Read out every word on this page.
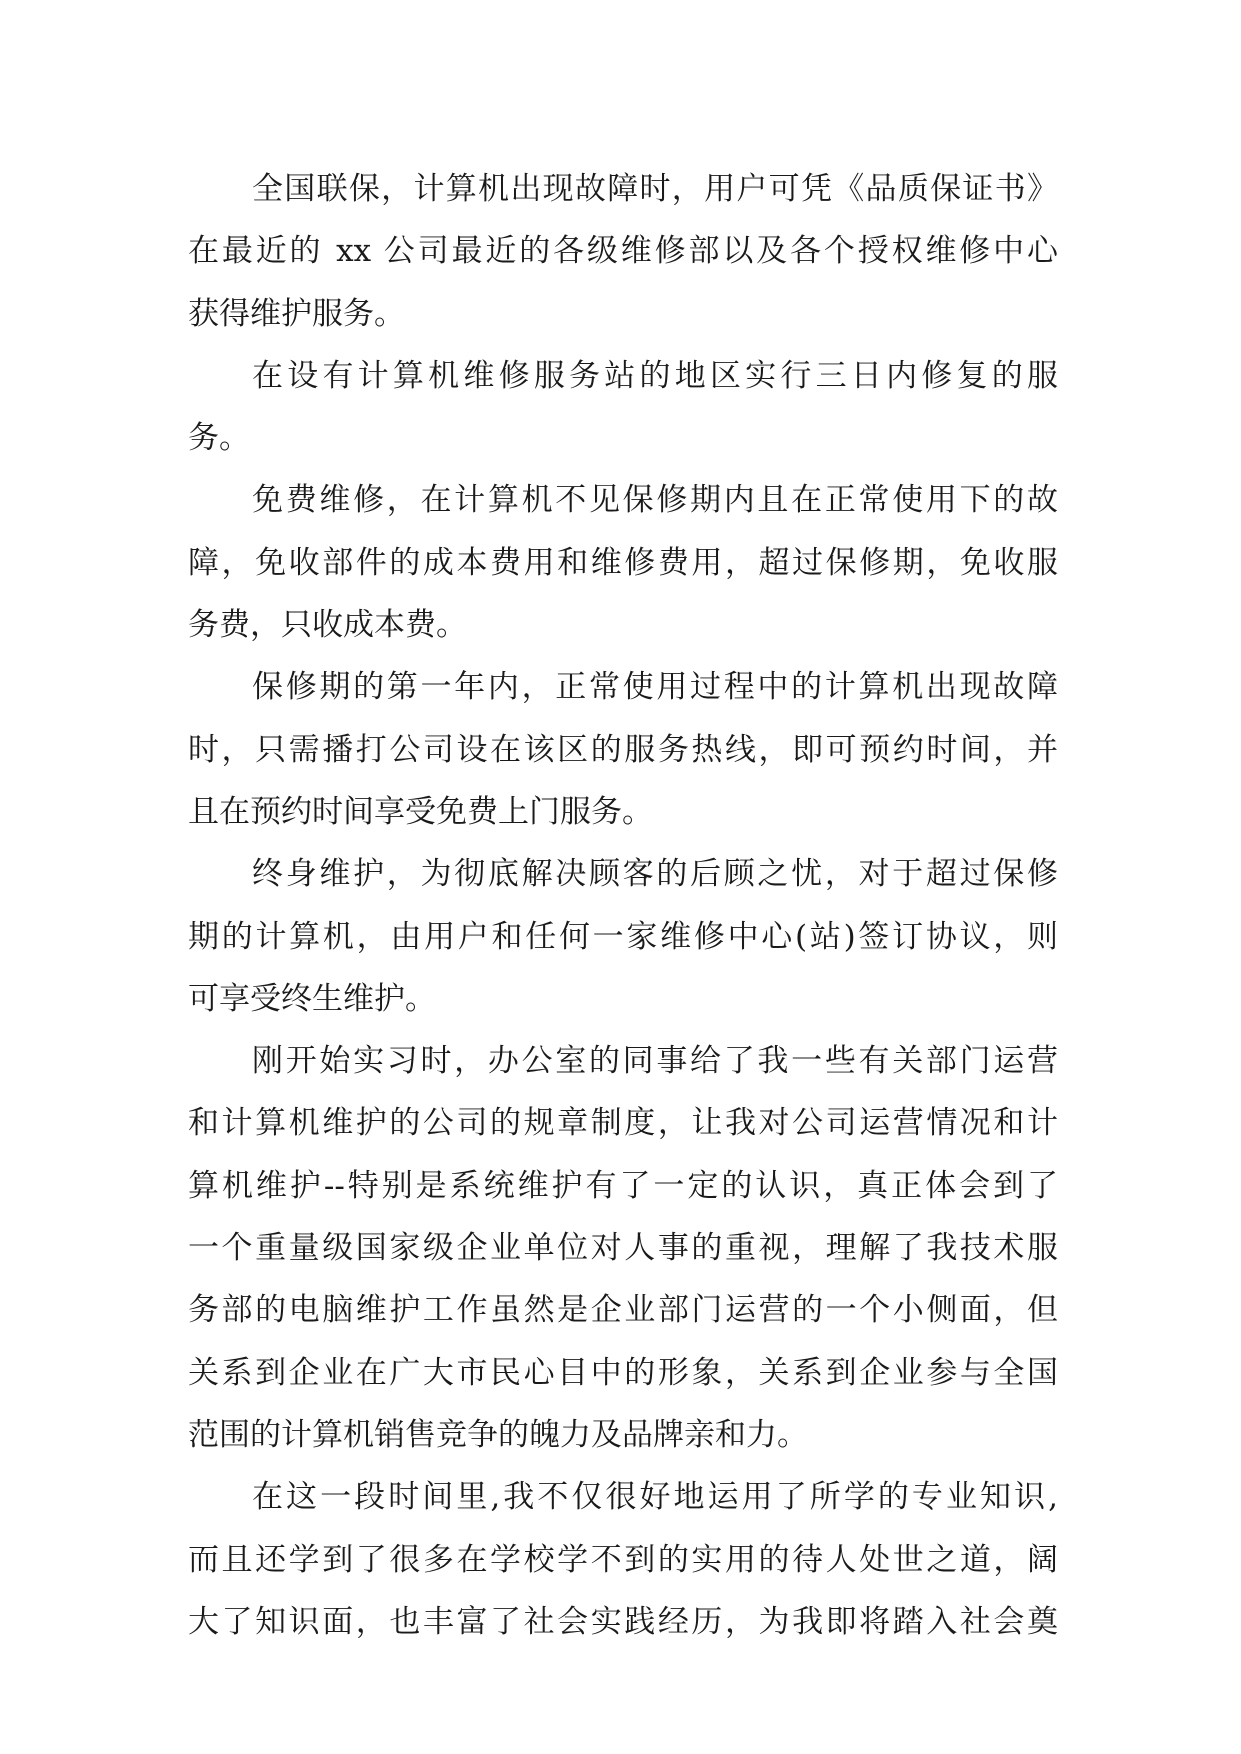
全国联保，计算机出现故障时，用户可凭《品质保证书》
在最近的 xx 公司最近的各级维修部以及各个授权维修中心
获得维护服务。
在设有计算机维修服务站的地区实行三日内修复的服
务。
免费维修，在计算机不见保修期内且在正常使用下的故
障，免收部件的成本费用和维修费用，超过保修期，免收服
务费，只收成本费。
保修期的第一年内，正常使用过程中的计算机出现故障
时，只需播打公司设在该区的服务热线，即可预约时间，并
且在预约时间享受免费上门服务。
终身维护，为彻底解决顾客的后顾之忧，对于超过保修
期的计算机，由用户和任何一家维修中心(站)签订协议，则
可享受终生维护。
刚开始实习时，办公室的同事给了我一些有关部门运营
和计算机维护的公司的规章制度，让我对公司运营情况和计
算机维护--特别是系统维护有了一定的认识，真正体会到了
一个重量级国家级企业单位对人事的重视，理解了我技术服
务部的电脑维护工作虽然是企业部门运营的一个小侧面，但
关系到企业在广大市民心目中的形象，关系到企业参与全国
范围的计算机销售竞争的魄力及品牌亲和力。
在这一段时间里,我不仅很好地运用了所学的专业知识,
而且还学到了很多在学校学不到的实用的待人处世之道，阔
大了知识面，也丰富了社会实践经历，为我即将踏入社会奠
